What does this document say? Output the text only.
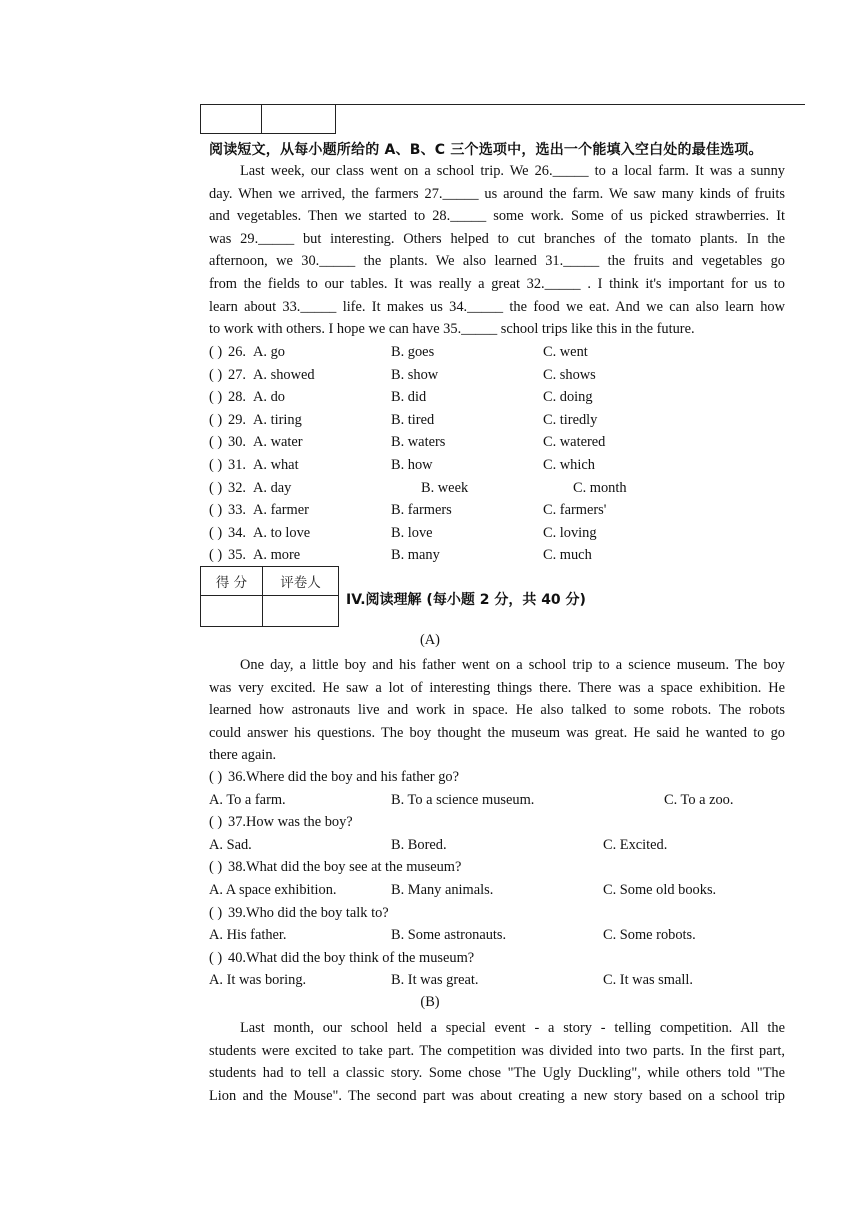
阅读短文，从每小题所给的 A、B、C 三个选项中，选出一个能填入空白处的最佳选项。
Last week, our class went on a school trip. We 26._____ to a local farm. It was a sunny
day. When we arrived, the farmers 27._____ us around the farm. We saw many kinds of fruits
and vegetables. Then we started to 28._____ some work. Some of us picked strawberries. It
was 29._____ but interesting. Others helped to cut branches of the tomato plants. In the
afternoon, we 30._____ the plants. We also learned 31._____ the fruits and vegetables go
from the fields to our tables. It was really a great 32._____ . I think it's important for us to
learn about 33._____ life. It makes us 34._____ the food we eat. And we can also learn how
to work with others. I hope we can have 35._____ school trips like this in the future.
( ) 26. A. go	B. goes	C. went
( ) 27. A. showed	B. show	C. shows
( ) 28. A. do	B. did	C. doing
( ) 29. A. tiring	B. tired	C. tiredly
( ) 30. A. water	B. waters	C. watered
( ) 31. A. what	B. how	C. which
( ) 32. A. day	B. week	C. month
( ) 33. A. farmer	B. farmers	C. farmers'
( ) 34. A. to love	B. love	C. loving
( ) 35. A. more	B. many	C. much
得 分	评卷人

IV.阅读理解 (每小题 2 分，共 40 分)
(A)
One day, a little boy and his father went on a school trip to a science museum. The boy
was very excited. He saw a lot of interesting things there. There was a space exhibition. He
learned how astronauts live and work in space. He also talked to some robots. The robots
could answer his questions. The boy thought the museum was great. He said he wanted to go
there again.
( ) 36.Where did the boy and his father go?
A. To a farm.	B. To a science museum.	C. To a zoo.
( ) 37.How was the boy?
A. Sad.	B. Bored.	C. Excited.
( ) 38.What did the boy see at the museum?
A. A space exhibition.	B. Many animals.	C. Some old books.
( ) 39.Who did the boy talk to?
A. His father.	B. Some astronauts.	C. Some robots.
( ) 40.What did the boy think of the museum?
A. It was boring.	B. It was great.	C. It was small.
(B)
Last month, our school held a special event - a story - telling competition. All the
students were excited to take part. The competition was divided into two parts. In the first part,
students had to tell a classic story. Some chose "The Ugly Duckling", while others told "The
Lion and the Mouse". The second part was about creating a new story based on a school trip
